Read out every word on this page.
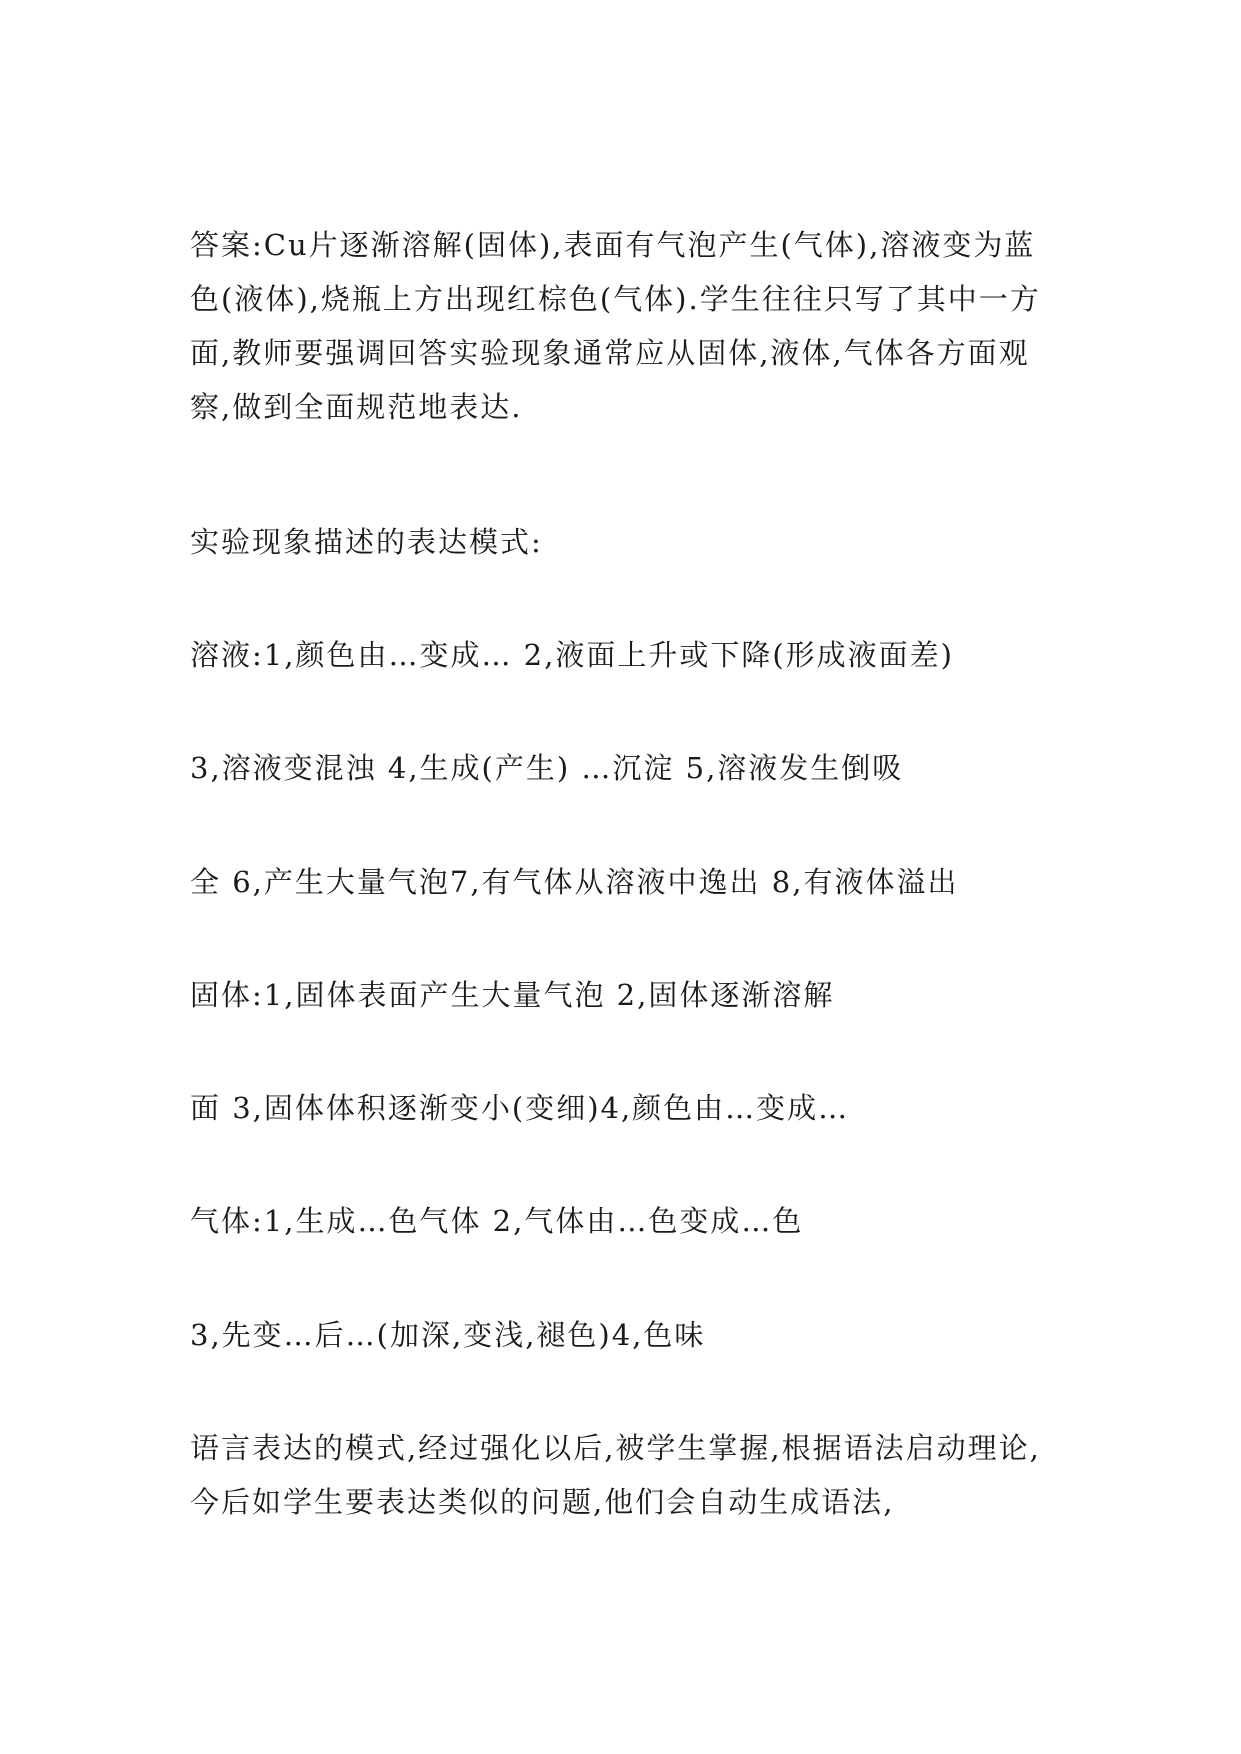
答案:Cu片逐渐溶解(固体),表面有气泡产生(气体),溶液变为蓝色(液体),烧瓶上方出现红棕色(气体).学生往往只写了其中一方面,教师要强调回答实验现象通常应从固体,液体,气体各方面观察,做到全面规范地表达.

实验现象描述的表达模式:

溶液:1,颜色由…变成… 2,液面上升或下降(形成液面差)

3,溶液变混浊 4,生成(产生) …沉淀 5,溶液发生倒吸

全 6,产生大量气泡7,有气体从溶液中逸出 8,有液体溢出

固体:1,固体表面产生大量气泡 2,固体逐渐溶解

面 3,固体体积逐渐变小(变细)4,颜色由…变成…

气体:1,生成…色气体 2,气体由…色变成…色

3,先变…后…(加深,变浅,褪色)4,色味

语言表达的模式,经过强化以后,被学生掌握,根据语法启动理论,今后如学生要表达类似的问题,他们会自动生成语法,
